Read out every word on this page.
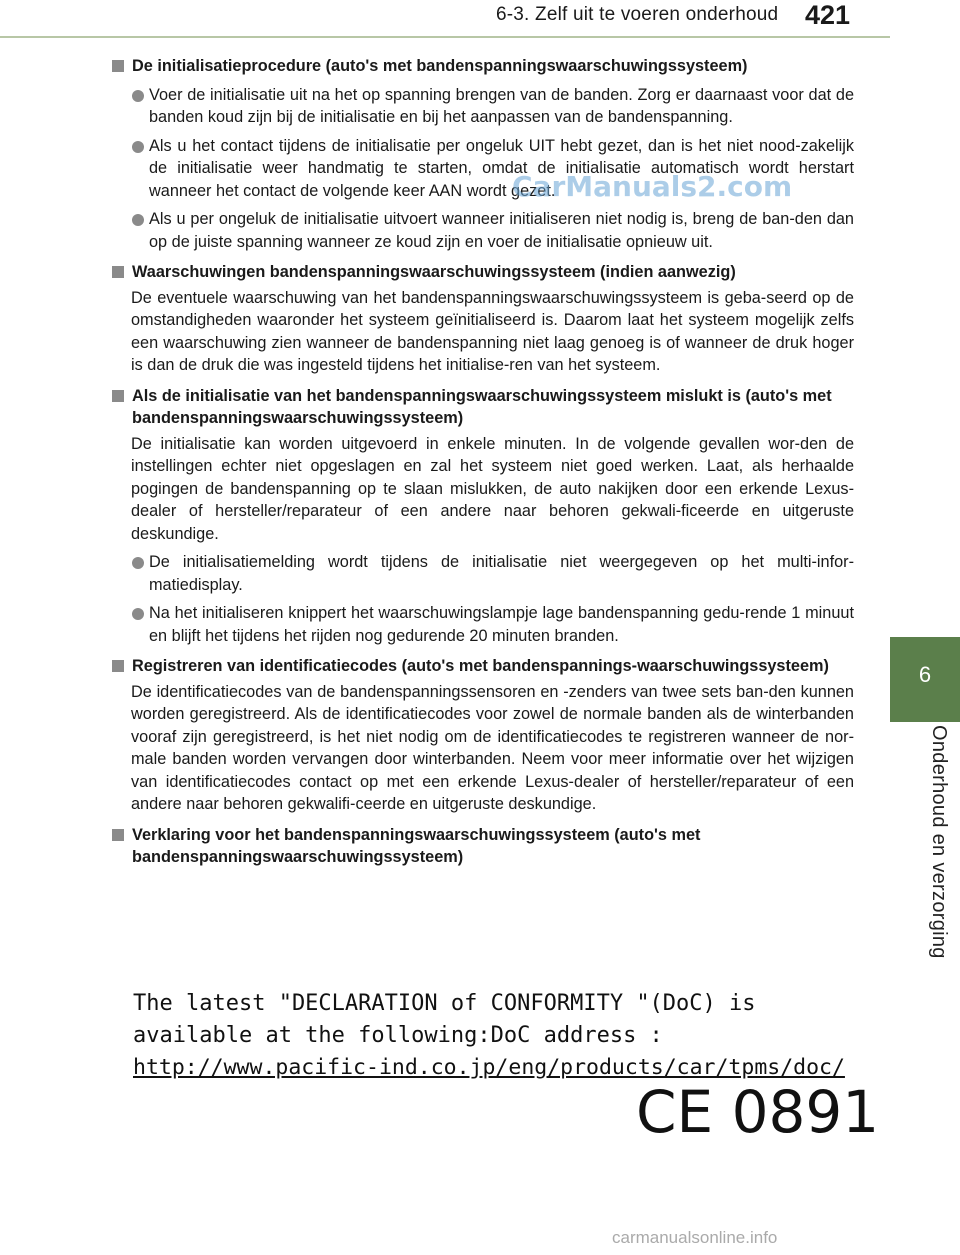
6-3. Zelf uit te voeren onderhoud 421
6
Onderhoud en verzorging
De initialisatieprocedure (auto's met bandenspanningswaarschuwingssysteem)
Voer de initialisatie uit na het op spanning brengen van de banden. Zorg er daarnaast voor dat de banden koud zijn bij de initialisatie en bij het aanpassen van de bandenspanning.
Als u het contact tijdens de initialisatie per ongeluk UIT hebt gezet, dan is het niet nood-zakelijk de initialisatie weer handmatig te starten, omdat de initialisatie automatisch wordt herstart wanneer het contact de volgende keer AAN wordt gezet.
Als u per ongeluk de initialisatie uitvoert wanneer initialiseren niet nodig is, breng de ban-den dan op de juiste spanning wanneer ze koud zijn en voer de initialisatie opnieuw uit.
Waarschuwingen bandenspanningswaarschuwingssysteem (indien aanwezig)
De eventuele waarschuwing van het bandenspanningswaarschuwingssysteem is geba-seerd op de omstandigheden waaronder het systeem geïnitialiseerd is. Daarom laat het systeem mogelijk zelfs een waarschuwing zien wanneer de bandenspanning niet laag genoeg is of wanneer de druk hoger is dan de druk die was ingesteld tijdens het initialise-ren van het systeem.
Als de initialisatie van het bandenspanningswaarschuwingssysteem mislukt is (auto's met bandenspanningswaarschuwingssysteem)
De initialisatie kan worden uitgevoerd in enkele minuten. In de volgende gevallen wor-den de instellingen echter niet opgeslagen en zal het systeem niet goed werken. Laat, als herhaalde pogingen de bandenspanning op te slaan mislukken, de auto nakijken door een erkende Lexus-dealer of hersteller/reparateur of een andere naar behoren gekwali-ficeerde en uitgeruste deskundige.
De initialisatiemelding wordt tijdens de initialisatie niet weergegeven op het multi-infor-matiedisplay.
Na het initialiseren knippert het waarschuwingslampje lage bandenspanning gedu-rende 1 minuut en blijft het tijdens het rijden nog gedurende 20 minuten branden.
Registreren van identificatiecodes (auto's met bandenspannings-waarschuwingssysteem)
De identificatiecodes van de bandenspanningssensoren en -zenders van twee sets ban-den kunnen worden geregistreerd. Als de identificatiecodes voor zowel de normale banden als de winterbanden vooraf zijn geregistreerd, is het niet nodig om de identificatiecodes te registreren wanneer de nor-male banden worden vervangen door winterbanden. Neem voor meer informatie over het wijzigen van identificatiecodes contact op met een erkende Lexus-dealer of hersteller/reparateur of een andere naar behoren gekwalifi-ceerde en uitgeruste deskundige.
Verklaring voor het bandenspanningswaarschuwingssysteem (auto's met bandenspanningswaarschuwingssysteem)
CarManuals2.com
The latest "DECLARATION of CONFORMITY "(DoC) is
available at the following:DoC address :
http://www.pacific-ind.co.jp/eng/products/car/tpms/doc/
CE 0891
carmanualsonline.info
